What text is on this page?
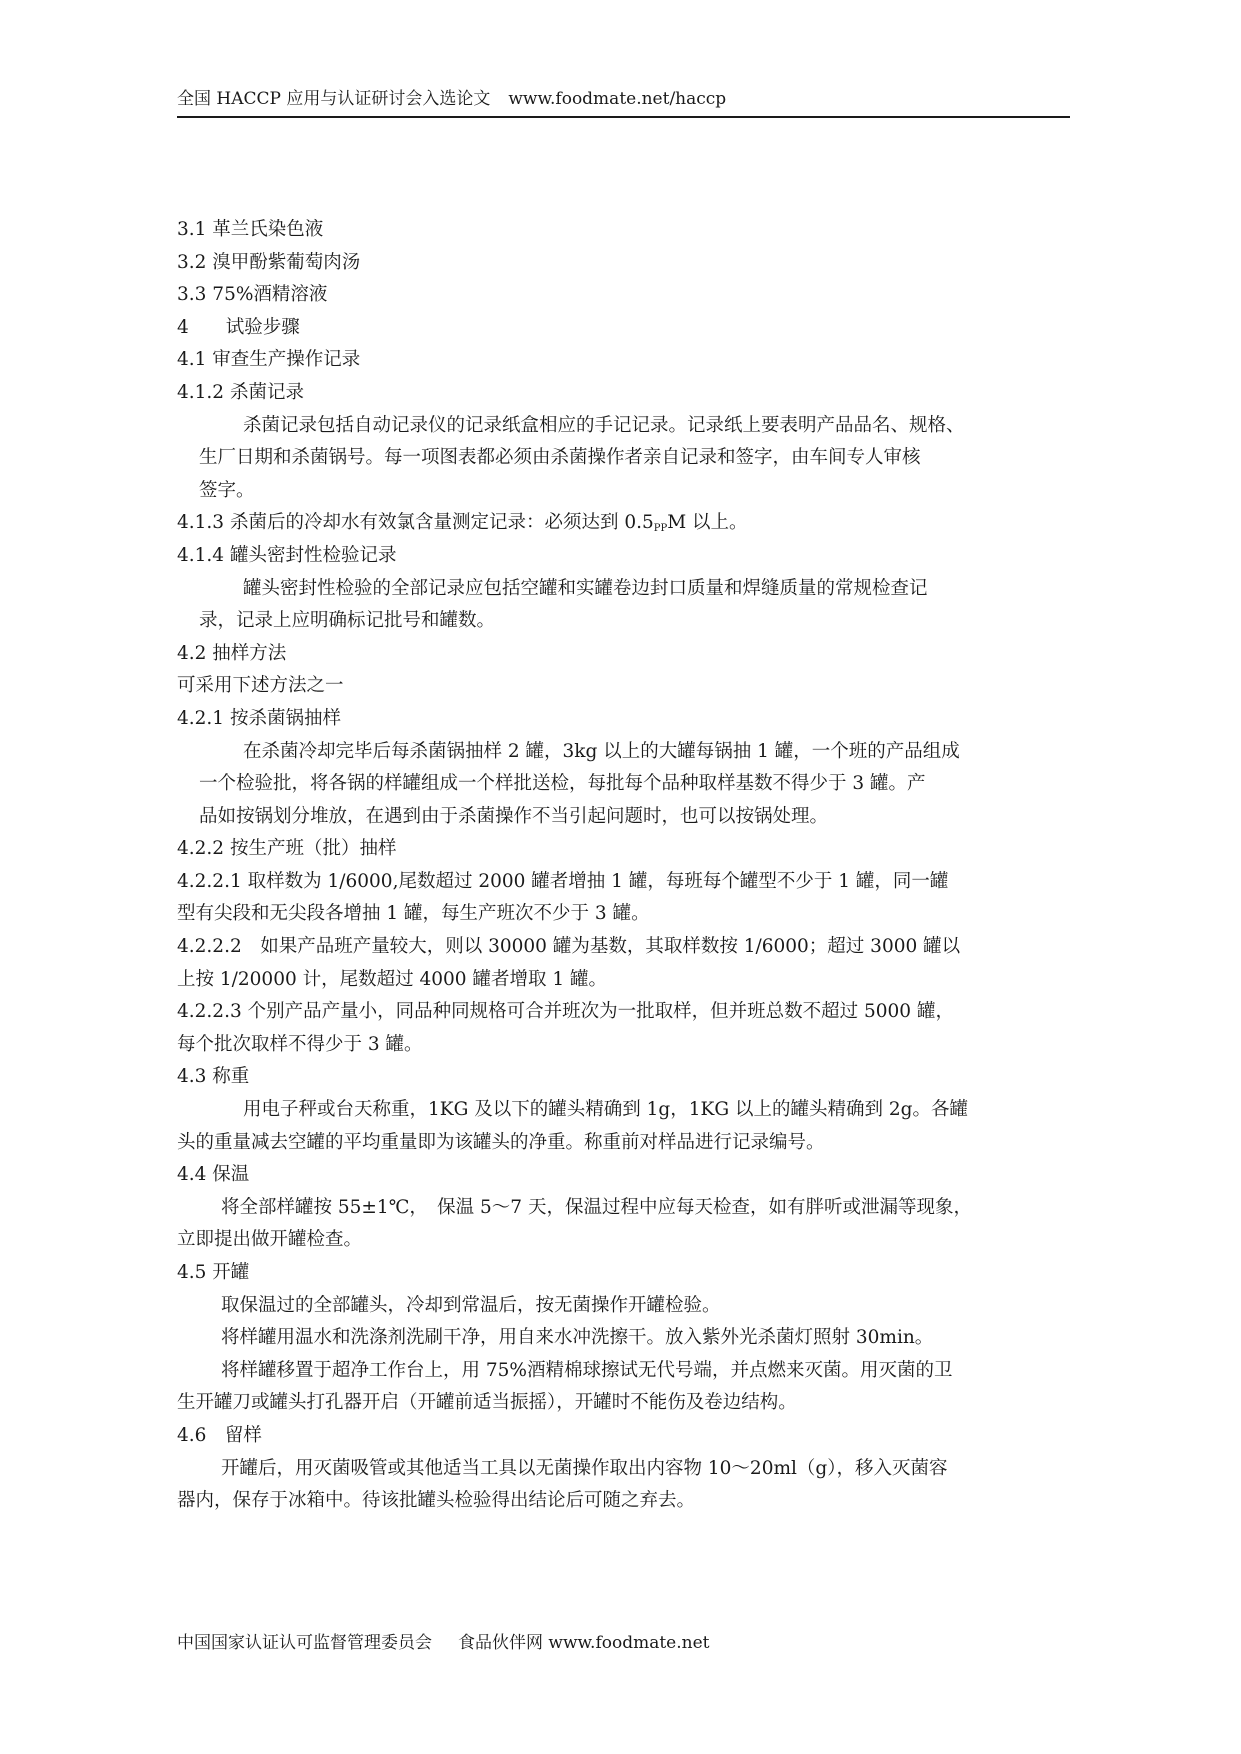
全国 HACCP 应用与认证研讨会入选论文 www.foodmate.net/haccp
3.1 革兰氏染色液
3.2 溴甲酚紫葡萄肉汤
3.3 75%酒精溶液
4　　试验步骤
4.1 审查生产操作记录
4.1.2 杀菌记录
杀菌记录包括自动记录仪的记录纸盒相应的手记记录。记录纸上要表明产品品名、规格、
生厂日期和杀菌锅号。每一项图表都必须由杀菌操作者亲自记录和签字，由车间专人审核
签字。
4.1.3 杀菌后的冷却水有效氯含量测定记录：必须达到 $0.5_{PP}M$ 以上。
4.1.4 罐头密封性检验记录
罐头密封性检验的全部记录应包括空罐和实罐卷边封口质量和焊缝质量的常规检查记
录，记录上应明确标记批号和罐数。
4.2 抽样方法
可采用下述方法之一
4.2.1 按杀菌锅抽样
在杀菌冷却完毕后每杀菌锅抽样 2 罐，3kg 以上的大罐每锅抽 1 罐，一个班的产品组成
一个检验批，将各锅的样罐组成一个样批送检，每批每个品种取样基数不得少于 3 罐。产
品如按锅划分堆放，在遇到由于杀菌操作不当引起问题时，也可以按锅处理。
4.2.2 按生产班（批）抽样
4.2.2.1 取样数为 1/6000,尾数超过 2000 罐者增抽 1 罐，每班每个罐型不少于 1 罐，同一罐
型有尖段和无尖段各增抽 1 罐，每生产班次不少于 3 罐。
4.2.2.2　如果产品班产量较大，则以 30000 罐为基数，其取样数按 1/6000；超过 3000 罐以
上按 1/20000 计，尾数超过 4000 罐者增取 1 罐。
4.2.2.3 个别产品产量小，同品种同规格可合并班次为一批取样，但并班总数不超过 5000 罐，
每个批次取样不得少于 3 罐。
4.3 称重
用电子秤或台天称重，1KG 及以下的罐头精确到 1g，1KG 以上的罐头精确到 2g。各罐
头的重量减去空罐的平均重量即为该罐头的净重。称重前对样品进行记录编号。
4.4 保温
将全部样罐按 55±1℃，　保温 5～7 天，保温过程中应每天检查，如有胖听或泄漏等现象，
立即提出做开罐检查。
4.5 开罐
取保温过的全部罐头，冷却到常温后，按无菌操作开罐检验。
将样罐用温水和洗涤剂洗刷干净，用自来水冲洗擦干。放入紫外光杀菌灯照射 30min。
将样罐移置于超净工作台上，用 75%酒精棉球擦试无代号端，并点燃来灭菌。用灭菌的卫
生开罐刀或罐头打孔器开启（开罐前适当振摇），开罐时不能伤及卷边结构。
4.6　留样
开罐后，用灭菌吸管或其他适当工具以无菌操作取出内容物 10～20ml（g），移入灭菌容
器内，保存于冰箱中。待该批罐头检验得出结论后可随之弃去。
中国国家认证认可监督管理委员会 食品伙伴网 www.foodmate.net
